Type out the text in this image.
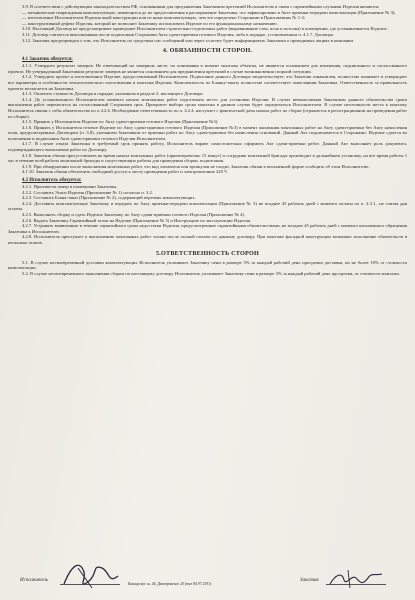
3.9. В соответствии с действующим законодательством РФ, основаниями для предъявления Заказчиком претензий Исполнителю в связи с гарантийными случаями Изделия являются:

— механические повреждения комплектующих, имеющихся до их предоставления в распоряжение Заказчика, что зафиксировано в Акте приемки-передачи комплектации (Приложение № 3);

— изготовление Исполнителем Изделия иной конструкции или из иных комплектующих, чем это определено Сторонами в Приложениях № 1-2;

— конструктивный дефект Изделия, который не позволяет Заказчику использовать Изделие по его функциональному назначению.

3.10. Настоящий Договор не предусматривает проведение Исполнителем строительно-отделочных работ (выравнивание стен, пола и потолка) в помещении, где устанавливается Изделие.

3.11. Договор считается выполненным после подписания Сторонами Акта сдачи-приемки готового Изделия, либо в порядке, установленном п. 4.1.7. Договора.

3.12. Заказчик предупрежден о том, что Исполнитель по средствам смс сообщений или через эл.почту будет информировать Заказчика о проводимых акциях в компании.

4. ОБЯЗАННОСТИ СТОРОН.
4.1 Заказчик обязуется:

4.1.1. Утвердить результат замеров. Не отвечающий на замерном листе, по понимания в момент монтажа объекты, не являются основанием для изменения, подписанного и согласованного проекта. Не утвержденный Заказчиком результат замеров не является основанием для предъявления претензий в случае возникновения спорной ситуации.

4.1.2. Утвердить проект и изготовленное Изделие, предоставленный Исполнителем. Подписание данного Договора свидетельствует, что Заказчик ознакомлен, полностью понимает и утверждает все параметры и особенности технологического изготовления и монтажа Изделия. Комплектность по Бланку-заказу полностью соответствует пожеланиям Заказчика. Ответственность за правильность проекта возлагается на Заказчика.

4.1.3. Оплатить стоимость Договора в порядке, указанном в разделе 2. настоящего Договора.

4.1.4. До установленного Исполнителем момента начала монтажных работ подготовить место для установки Изделия. В случае невыполнения Заказчиком данного обязательства сроки выполнения работ переносятся на согласованный Сторонами срок. Приоритет выбора срока монтажа в данном случае будет определяться Исполнителем. В случае неготовности места к монтажу Исполнитель связан с собы обязательства по п 4.2.6. Необходимые ответственность по п. 4.2.4. наступает с фактической даты начала работ по сборке (отражается в регистрационном на проведения работ по сборке).

4.1.5. Принять у Исполнителя Изделие по Акту сдачи-приемки готового Изделия (Приложение №3).

4.1.6. Принять у Исполнителя готовое Изделие по Акту сдачи-приемки готового Изделия (Приложение №3) в момент окончания монтажных работ на Акту сдачи-приемки без Акту начисления поля, предусмотренных Договором (п. 3.8), указанием Заказчиком от приемки работ по Акту сдачи-приемки без начисления оснований. Данный Акт подписывается в Сторонами. Изделие сдается во исполнение и подписания Акта сдачи-приемки готового Изделия Исполнителем.

4.1.7. В случае отказа Заказчика в требуемый срок принять работу, Исполнитель вправе самостоятельно оформить Акт сдачи-приемки работ. Данный Акт выполняет роль документа, подтверждающего выполнение работ по Договору.

4.1.8. Заказчик обязан присутствовать во время начала монтажных работ (ориентировочно 15 минут) и сотрудник монтажной бригады производит в дальнейшем установку, на все время работы 1 час в течение всей работы монтажной бригады и сопутствующих работы для проведения сборки, подписания.

4.1.9. При обнаружении после выполнения монтажных работ, что вид элементов или артикулов не сходит, Заказчик обязан в письменной форме сообщить об этом Исполнителю.

4.1.10. Заказчик обязан обеспечить свободный доступ к месту проведения работ и электропитание 220 V.

4.2 Исполнитель обязуется:

4.2.1. Произвести замер в помещении Заказчика.

4.2.2. Составить Эскиз Изделия (Приложение № 1) согласно п. 3.2.

4.2.3. Составить Бланк-заказ (Приложение № 2), содержащий перечень комплектующих.

4.2.4. Доставить комплектующие Заказчику и передать по Акту приемки-передачи комплектации (Приложение № 3) не позднее 45 рабочих дней с момента оплаты по п. 2.3.1., не считая дня оплаты.

4.2.5. Выполнить сборку и сдать Изделие Заказчику по Акту сдачи-приемки готового Изделия (Приложение № 4).

4.2.6. Выдать Заказчику Гарантийный талон на Изделие (Приложение № 5) и Инструкцию по эксплуатации Изделия.

4.2.7. Устранять выявленные в течение гарантийного срока недостатки Изделия, предусмотренные гарантийными обязательствами, не позднее 45 рабочих дней с момента письменного обращения Заказчика к Исполнителю.

4.2.8. Исполнитель приступает к выполнению монтажных работ только после полной оплаты по данному договору. При монтаже фасадной конструкции возможно исполнение обязательств в несколько этапов.

5.ОТВЕТСТВЕННОСТЬ СТОРОН

5.1. В случае несвоевременной доставки комплектующих Исполнитель уплачивает Заказчику пени в размере 3% за каждый рабочий день просрочки доставки, но не более 10% от стоимости комплектации.

5.2. В случае несвоевременного выполнения сборки по настоящему договору Исполнитель уплачивает Заказчику пени в размере 3% за каждый рабочий день просрочки, от стоимости монтажа.

Исполнитель
Каширское ш. 44, Дмитровское 20 (тел 84 97 2931)
Заказчик
